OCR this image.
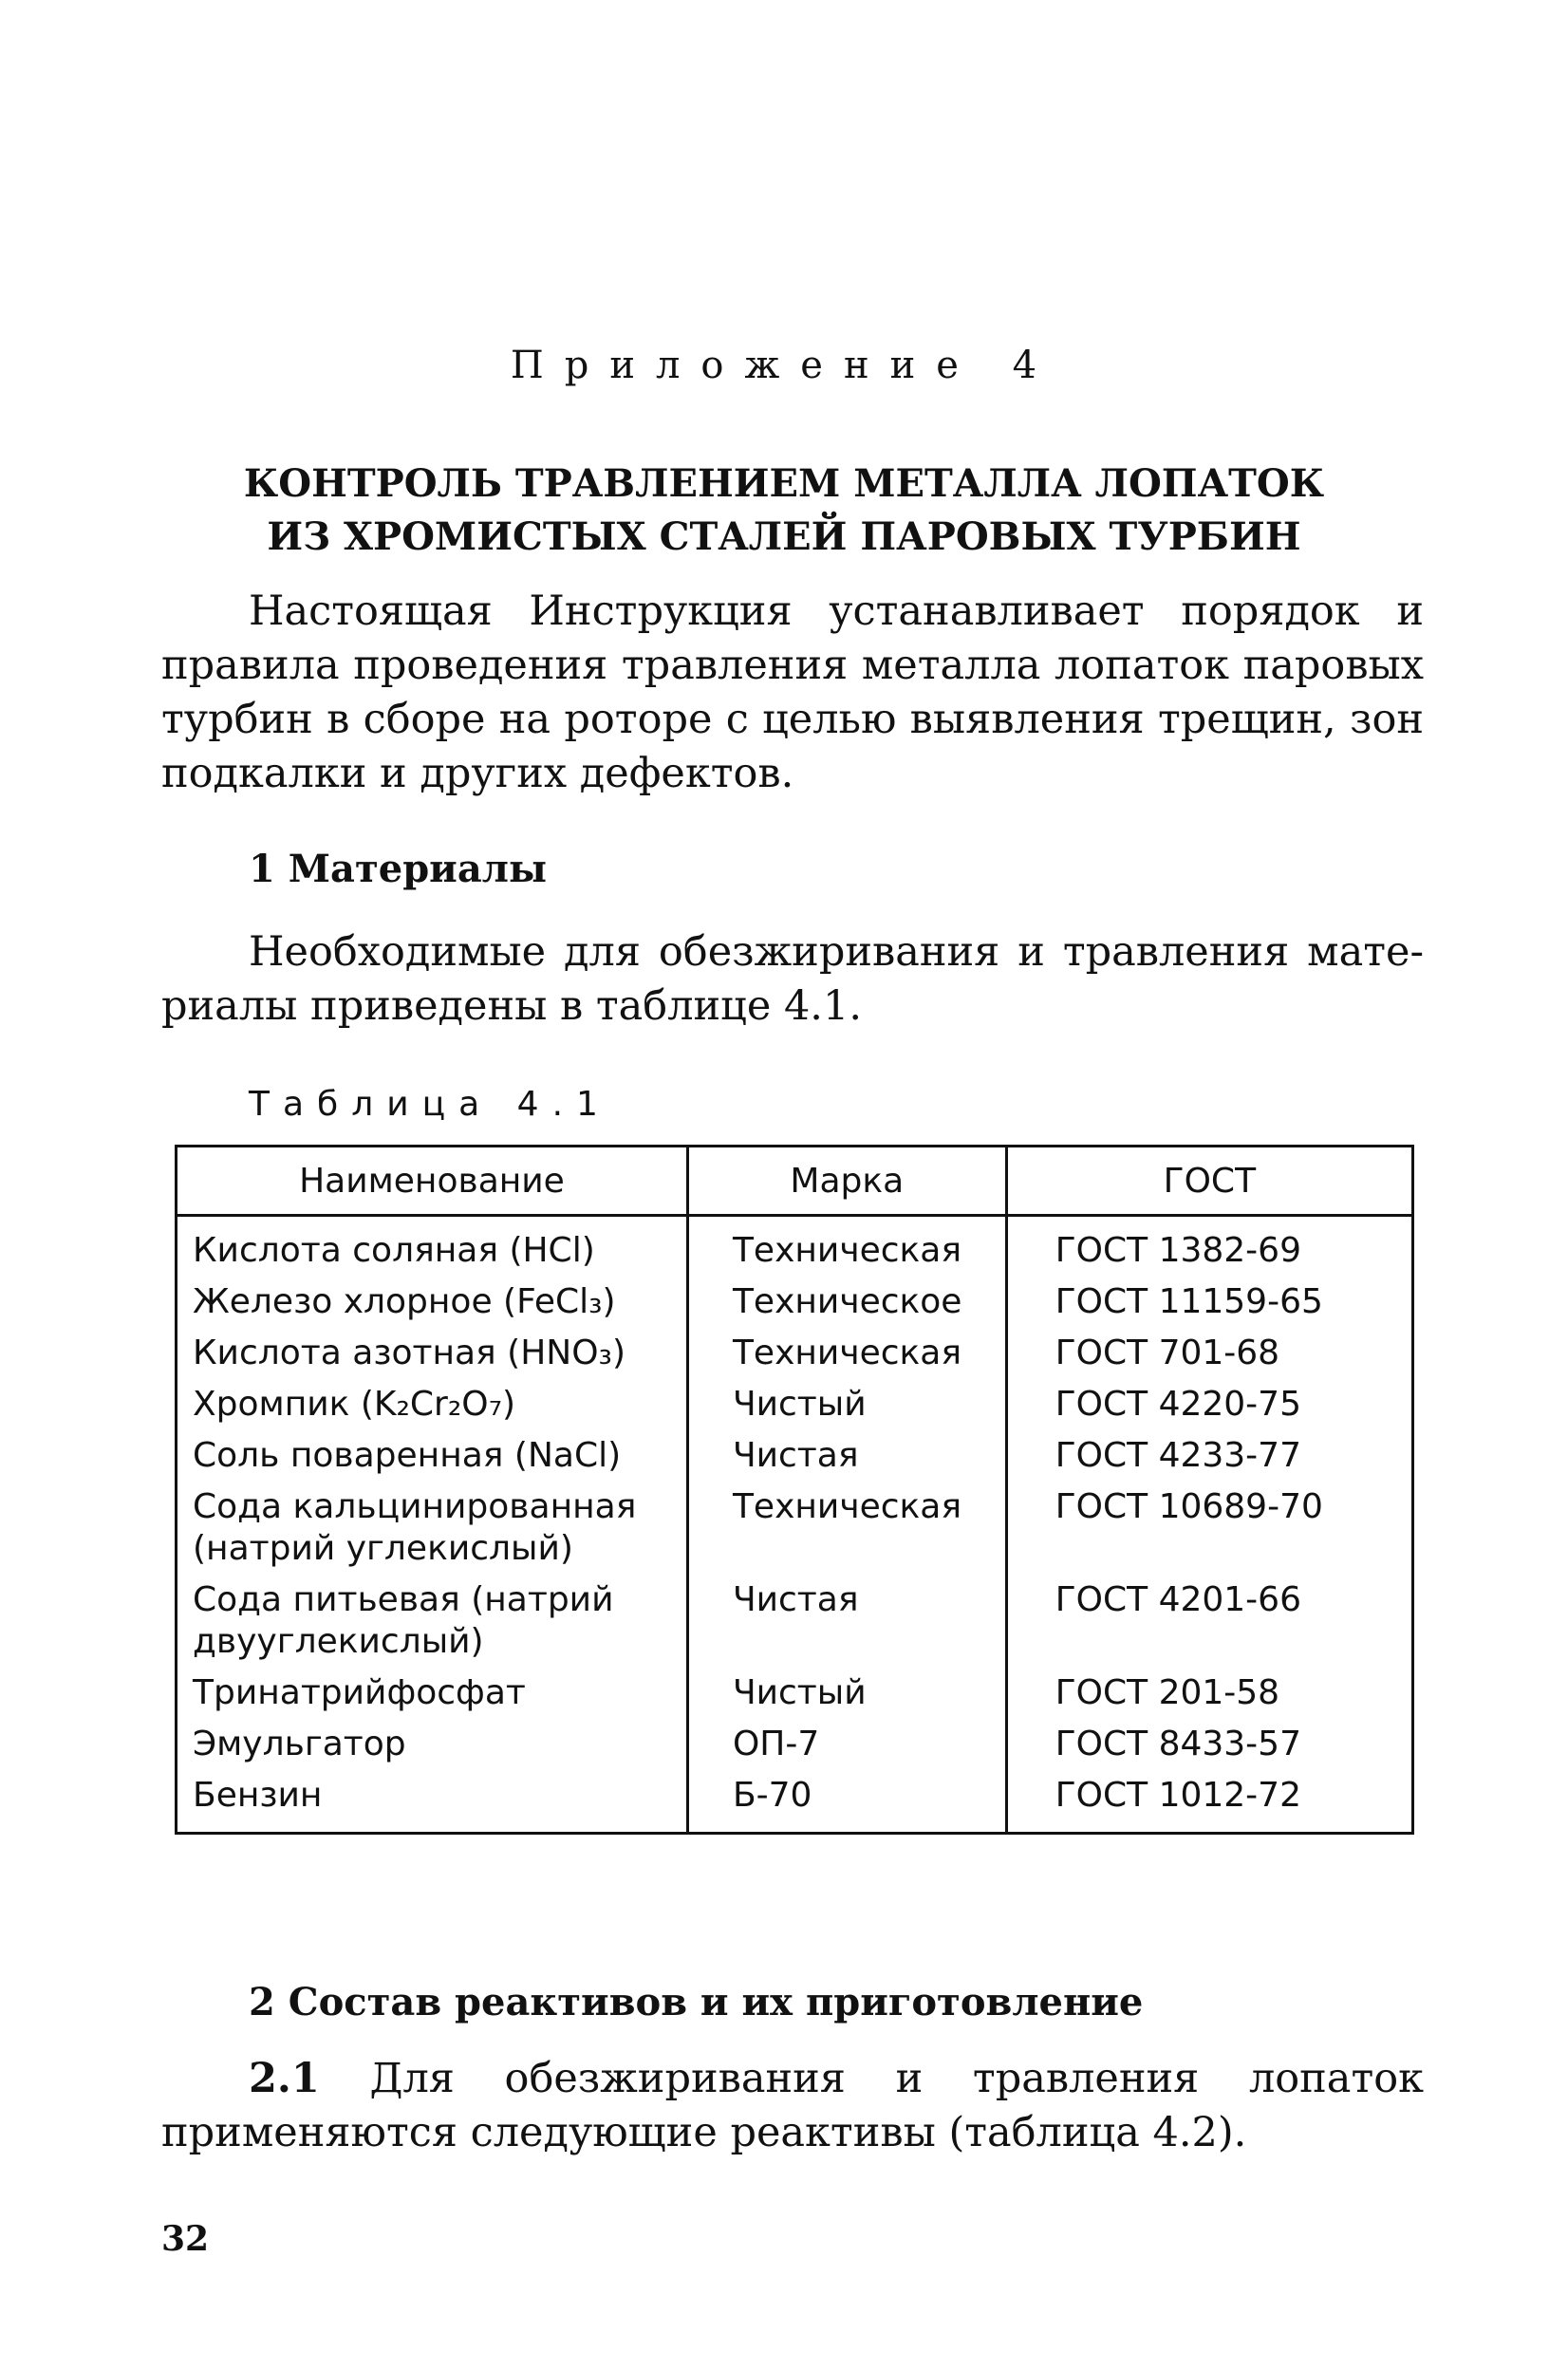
Приложение 4
КОНТРОЛЬ ТРАВЛЕНИЕМ МЕТАЛЛА ЛОПАТОК
ИЗ ХРОМИСТЫХ СТАЛЕЙ ПАРОВЫХ ТУРБИН
Настоящая Инструкция устанавливает порядок и правила проведения травления металла лопаток паровых турбин в сборе на роторе с целью выявления трещин, зон подкалки и других дефектов.
1 Материалы
Необходимые для обезжиривания и травления материалы приведены в таблице 4.1.
Таблица 4.1
Наименование	Марка	ГОСТ
Кислота соляная (HCl)	Техническая	ГОСТ 1382-69
Железо хлорное (FeCl₃)	Техническое	ГОСТ 11159-65
Кислота азотная (HNO₃)	Техническая	ГОСТ 701-68
Хромпик (K₂Cr₂O₇)	Чистый	ГОСТ 4220-75
Соль поваренная (NaCl)	Чистая	ГОСТ 4233-77
Сода кальцинированная (натрий углекислый)	Техническая	ГОСТ 10689-70
Сода питьевая (натрий двууглекислый)	Чистая	ГОСТ 4201-66
Тринатрийфосфат	Чистый	ГОСТ 201-58
Эмульгатор	ОП-7	ГОСТ 8433-57
Бензин	Б-70	ГОСТ 1012-72
2 Состав реактивов и их приготовление
2.1 Для обезжиривания и травления лопаток применяются следующие реактивы (таблица 4.2).
32
